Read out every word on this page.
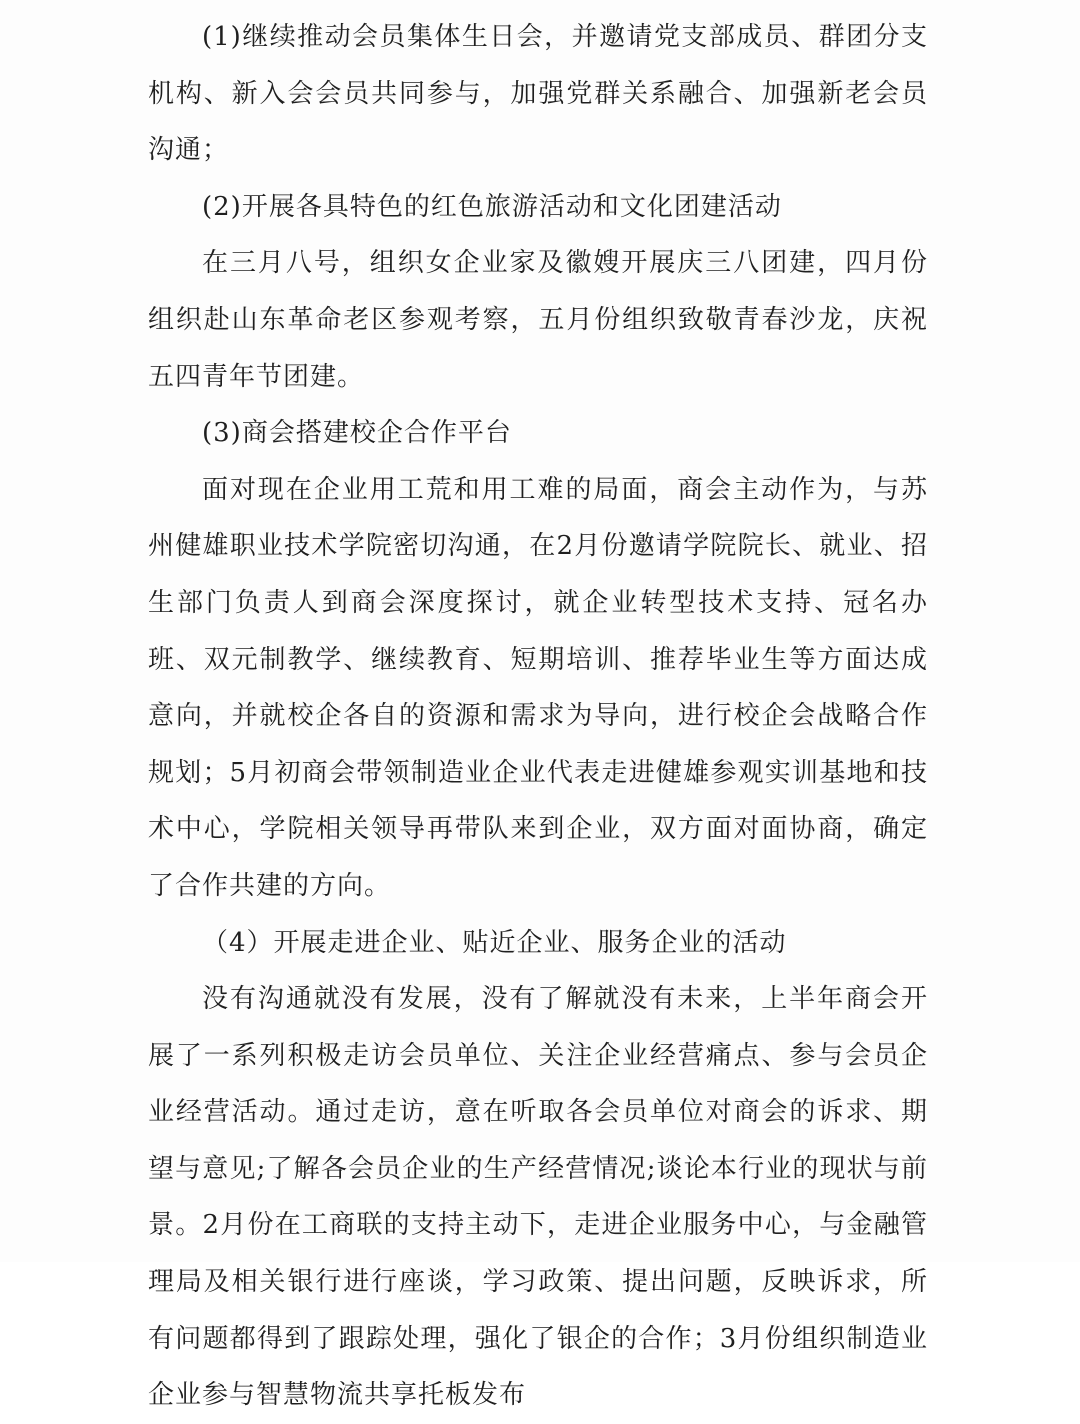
(1)继续推动会员集体生日会，并邀请党支部成员、群团分支机构、新入会会员共同参与，加强党群关系融合、加强新老会员沟通；

(2)开展各具特色的红色旅游活动和文化团建活动

在三月八号，组织女企业家及徽嫂开展庆三八团建，四月份组织赴山东革命老区参观考察，五月份组织致敬青春沙龙，庆祝五四青年节团建。

(3)商会搭建校企合作平台

面对现在企业用工荒和用工难的局面，商会主动作为，与苏州健雄职业技术学院密切沟通，在2月份邀请学院院长、就业、招生部门负责人到商会深度探讨，就企业转型技术支持、冠名办班、双元制教学、继续教育、短期培训、推荐毕业生等方面达成意向，并就校企各自的资源和需求为导向，进行校企会战略合作规划；5月初商会带领制造业企业代表走进健雄参观实训基地和技术中心，学院相关领导再带队来到企业，双方面对面协商，确定了合作共建的方向。

（4）开展走进企业、贴近企业、服务企业的活动

没有沟通就没有发展，没有了解就没有未来，上半年商会开展了一系列积极走访会员单位、关注企业经营痛点、参与会员企业经营活动。通过走访，意在听取各会员单位对商会的诉求、期望与意见;了解各会员企业的生产经营情况;谈论本行业的现状与前景。2月份在工商联的支持主动下，走进企业服务中心，与金融管理局及相关银行进行座谈，学习政策、提出问题，反映诉求，所有问题都得到了跟踪处理，强化了银企的合作；3月份组织制造业企业参与智慧物流共享托板发布
